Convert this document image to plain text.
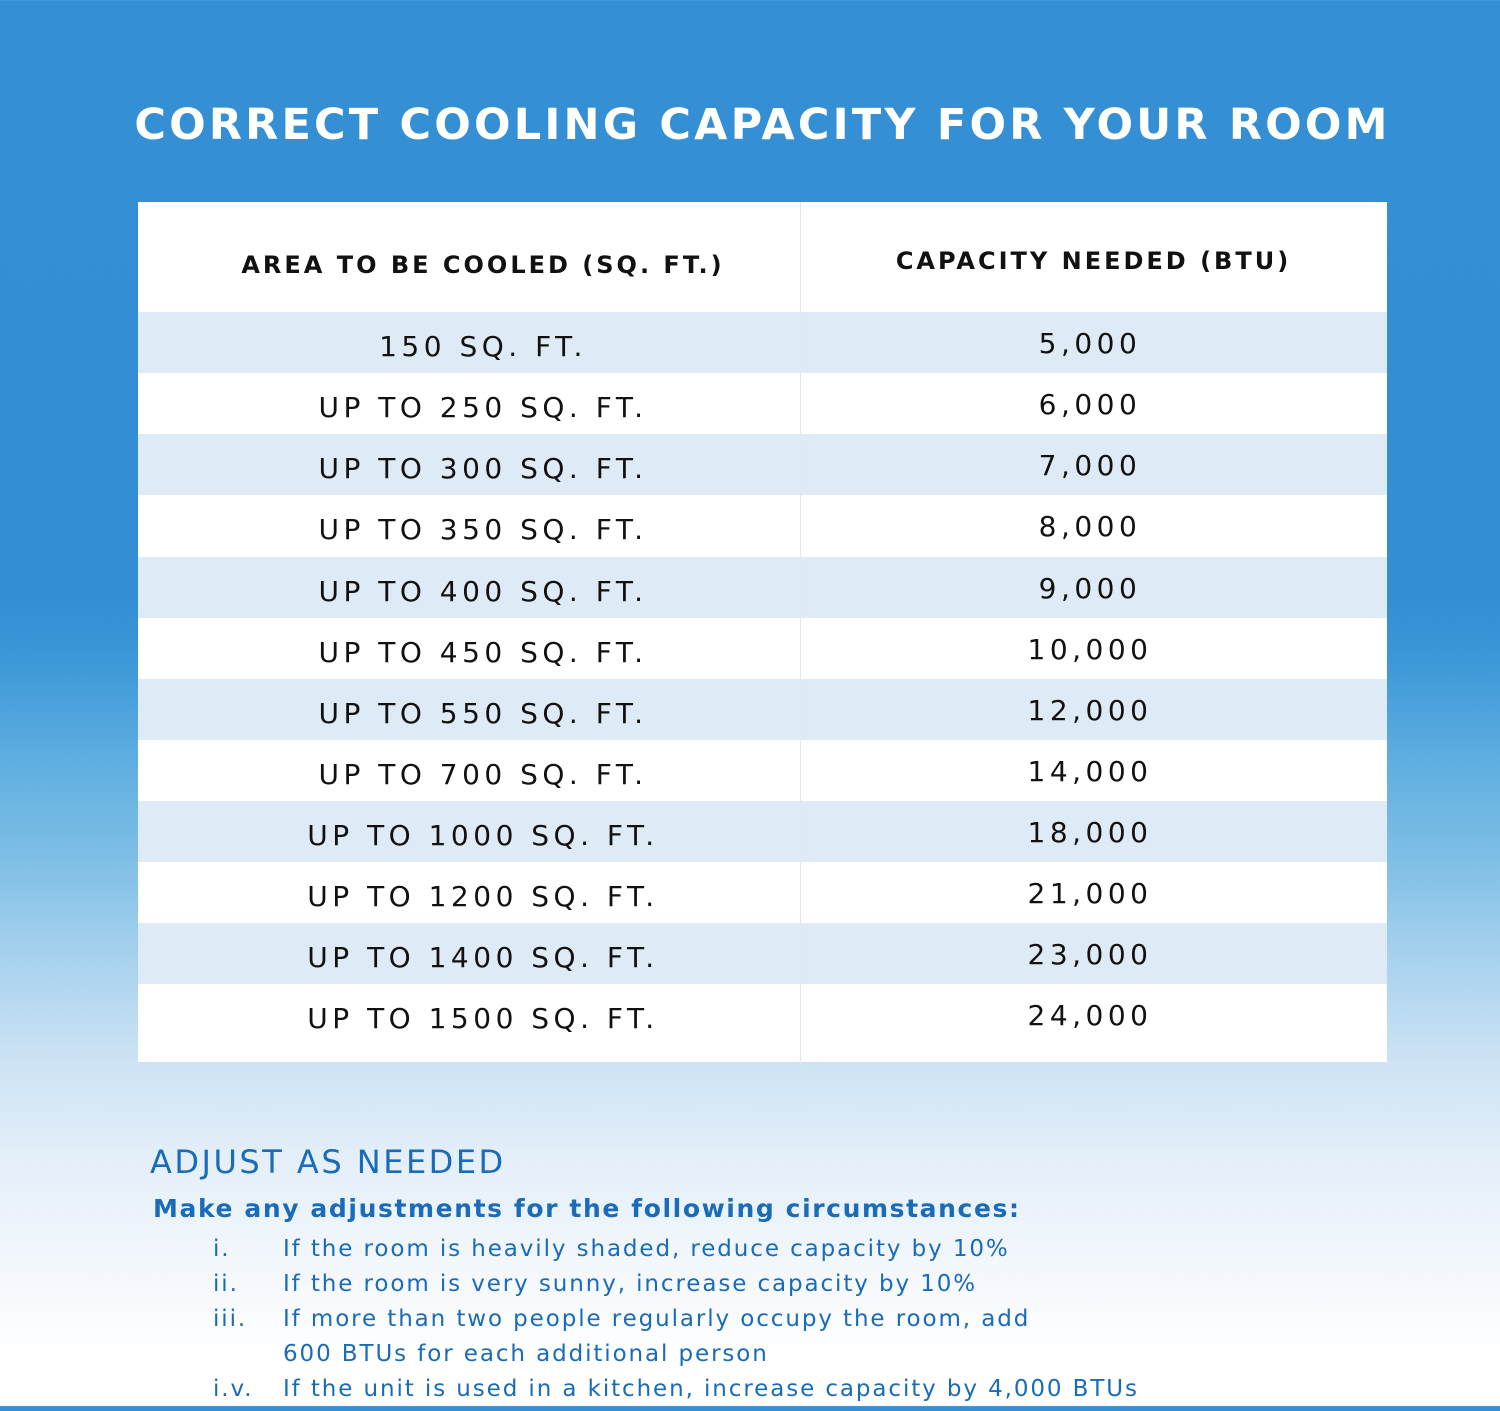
CORRECT COOLING CAPACITY FOR YOUR ROOM
AREA TO BE COOLED (SQ. FT.)	CAPACITY NEEDED (BTU)
150 SQ. FT.	5,000
UP TO 250 SQ. FT.	6,000
UP TO 300 SQ. FT.	7,000
UP TO 350 SQ. FT.	8,000
UP TO 400 SQ. FT.	9,000
UP TO 450 SQ. FT.	10,000
UP TO 550 SQ. FT.	12,000
UP TO 700 SQ. FT.	14,000
UP TO 1000 SQ. FT.	18,000
UP TO 1200 SQ. FT.	21,000
UP TO 1400 SQ. FT.	23,000
UP TO 1500 SQ. FT.	24,000
ADJUST AS NEEDED
Make any adjustments for the following circumstances:
i. If the room is heavily shaded, reduce capacity by 10%
ii. If the room is very sunny, increase capacity by 10%
iii. If more than two people regularly occupy the room, add
600 BTUs for each additional person
i.v. If the unit is used in a kitchen, increase capacity by 4,000 BTUs
